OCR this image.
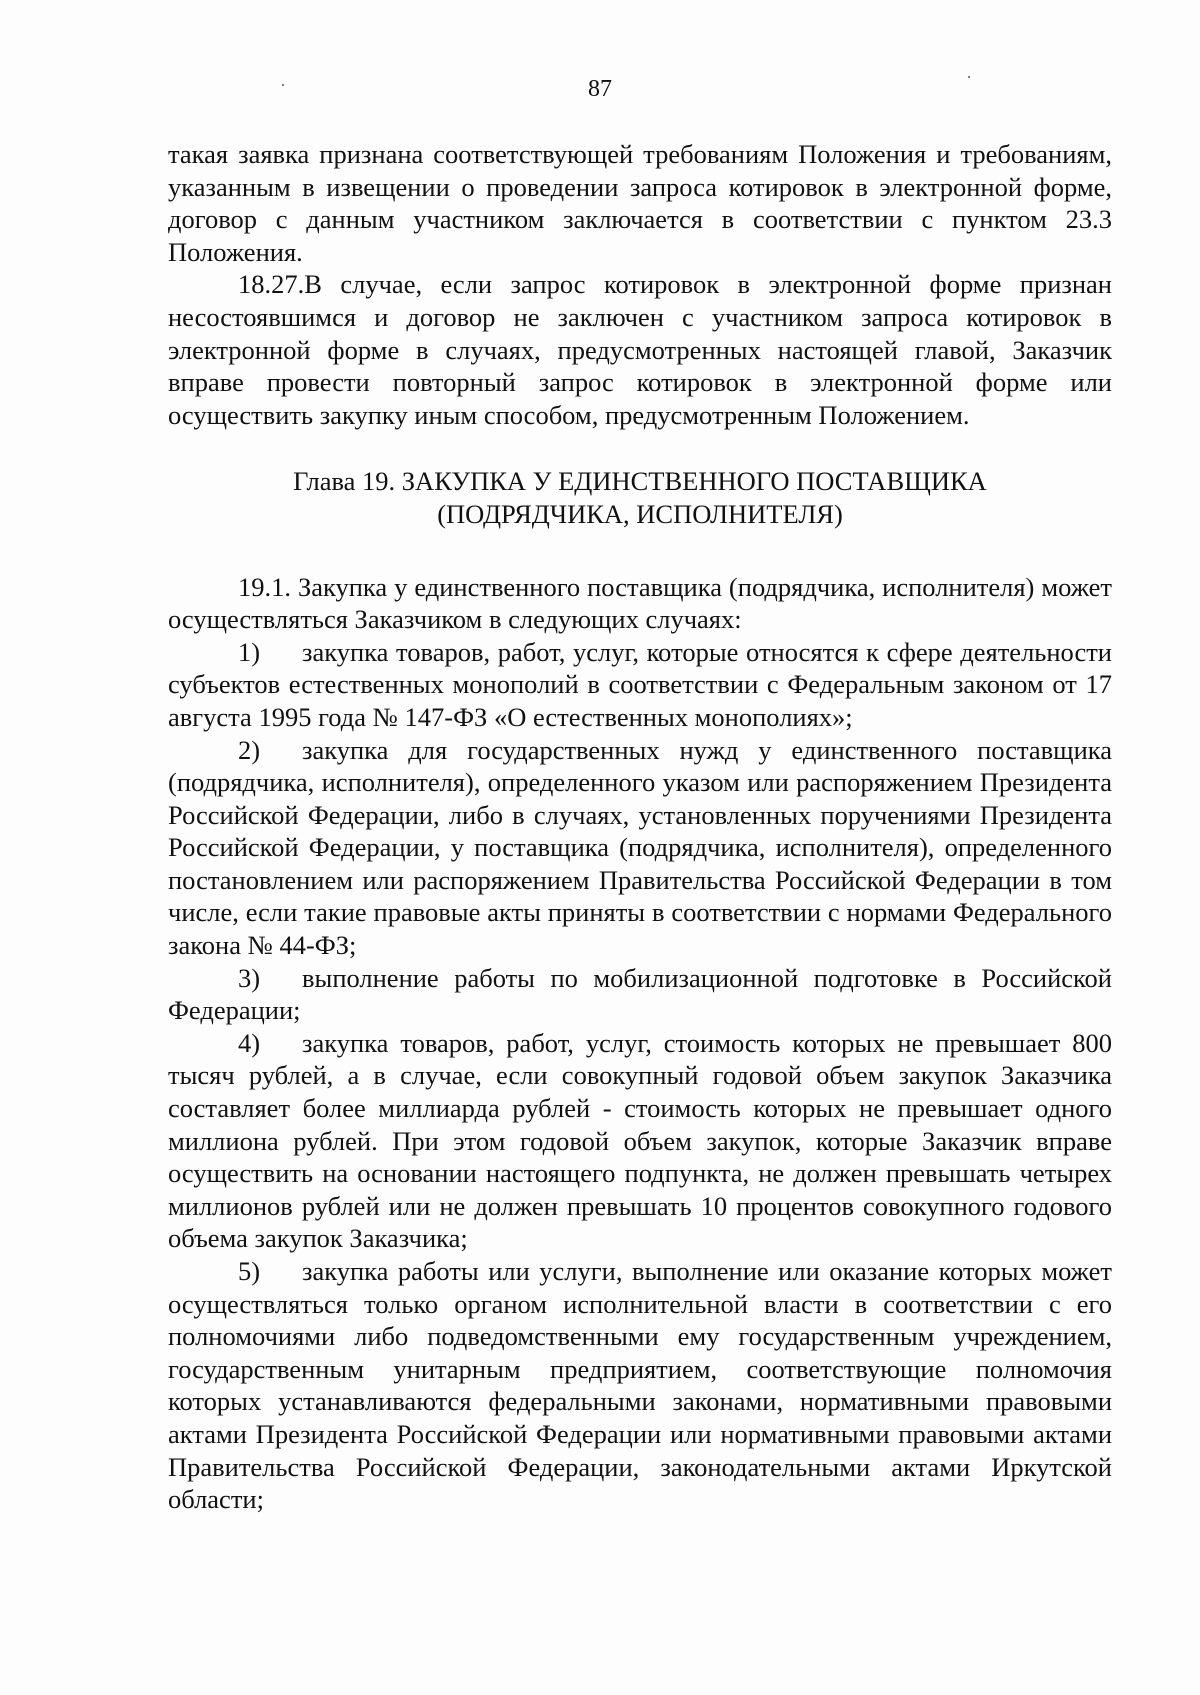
87

такая заявка признана соответствующей требованиям Положения и требованиям, указанным в извещении о проведении запроса котировок в электронной форме, договор с данным участником заключается в соответствии с пунктом 23.3 Положения.

18.27.В случае, если запрос котировок в электронной форме признан несостоявшимся и договор не заключен с участником запроса котировок в электронной форме в случаях, предусмотренных настоящей главой, Заказчик вправе провести повторный запрос котировок в электронной форме или осуществить закупку иным способом, предусмотренным Положением.

Глава 19. ЗАКУПКА У ЕДИНСТВЕННОГО ПОСТАВЩИКА
(ПОДРЯДЧИКА, ИСПОЛНИТЕЛЯ)

19.1. Закупка у единственного поставщика (подрядчика, исполнителя) может осуществляться Заказчиком в следующих случаях:

1) закупка товаров, работ, услуг, которые относятся к сфере деятельности субъектов естественных монополий в соответствии с Федеральным законом от 17 августа 1995 года № 147-ФЗ «О естественных монополиях»;

2) закупка для государственных нужд у единственного поставщика (подрядчика, исполнителя), определенного указом или распоряжением Президента Российской Федерации, либо в случаях, установленных поручениями Президента Российской Федерации, у поставщика (подрядчика, исполнителя), определенного постановлением или распоряжением Правительства Российской Федерации в том числе, если такие правовые акты приняты в соответствии с нормами Федерального закона № 44-ФЗ;

3) выполнение работы по мобилизационной подготовке в Российской Федерации;

4) закупка товаров, работ, услуг, стоимость которых не превышает 800 тысяч рублей, а в случае, если совокупный годовой объем закупок Заказчика составляет более миллиарда рублей - стоимость которых не превышает одного миллиона рублей. При этом годовой объем закупок, которые Заказчик вправе осуществить на основании настоящего подпункта, не должен превышать четырех миллионов рублей или не должен превышать 10 процентов совокупного годового объема закупок Заказчика;

5) закупка работы или услуги, выполнение или оказание которых может осуществляться только органом исполнительной власти в соответствии с его полномочиями либо подведомственными ему государственным учреждением, государственным унитарным предприятием, соответствующие полномочия которых устанавливаются федеральными законами, нормативными правовыми актами Президента Российской Федерации или нормативными правовыми актами Правительства Российской Федерации, законодательными актами Иркутской области;
